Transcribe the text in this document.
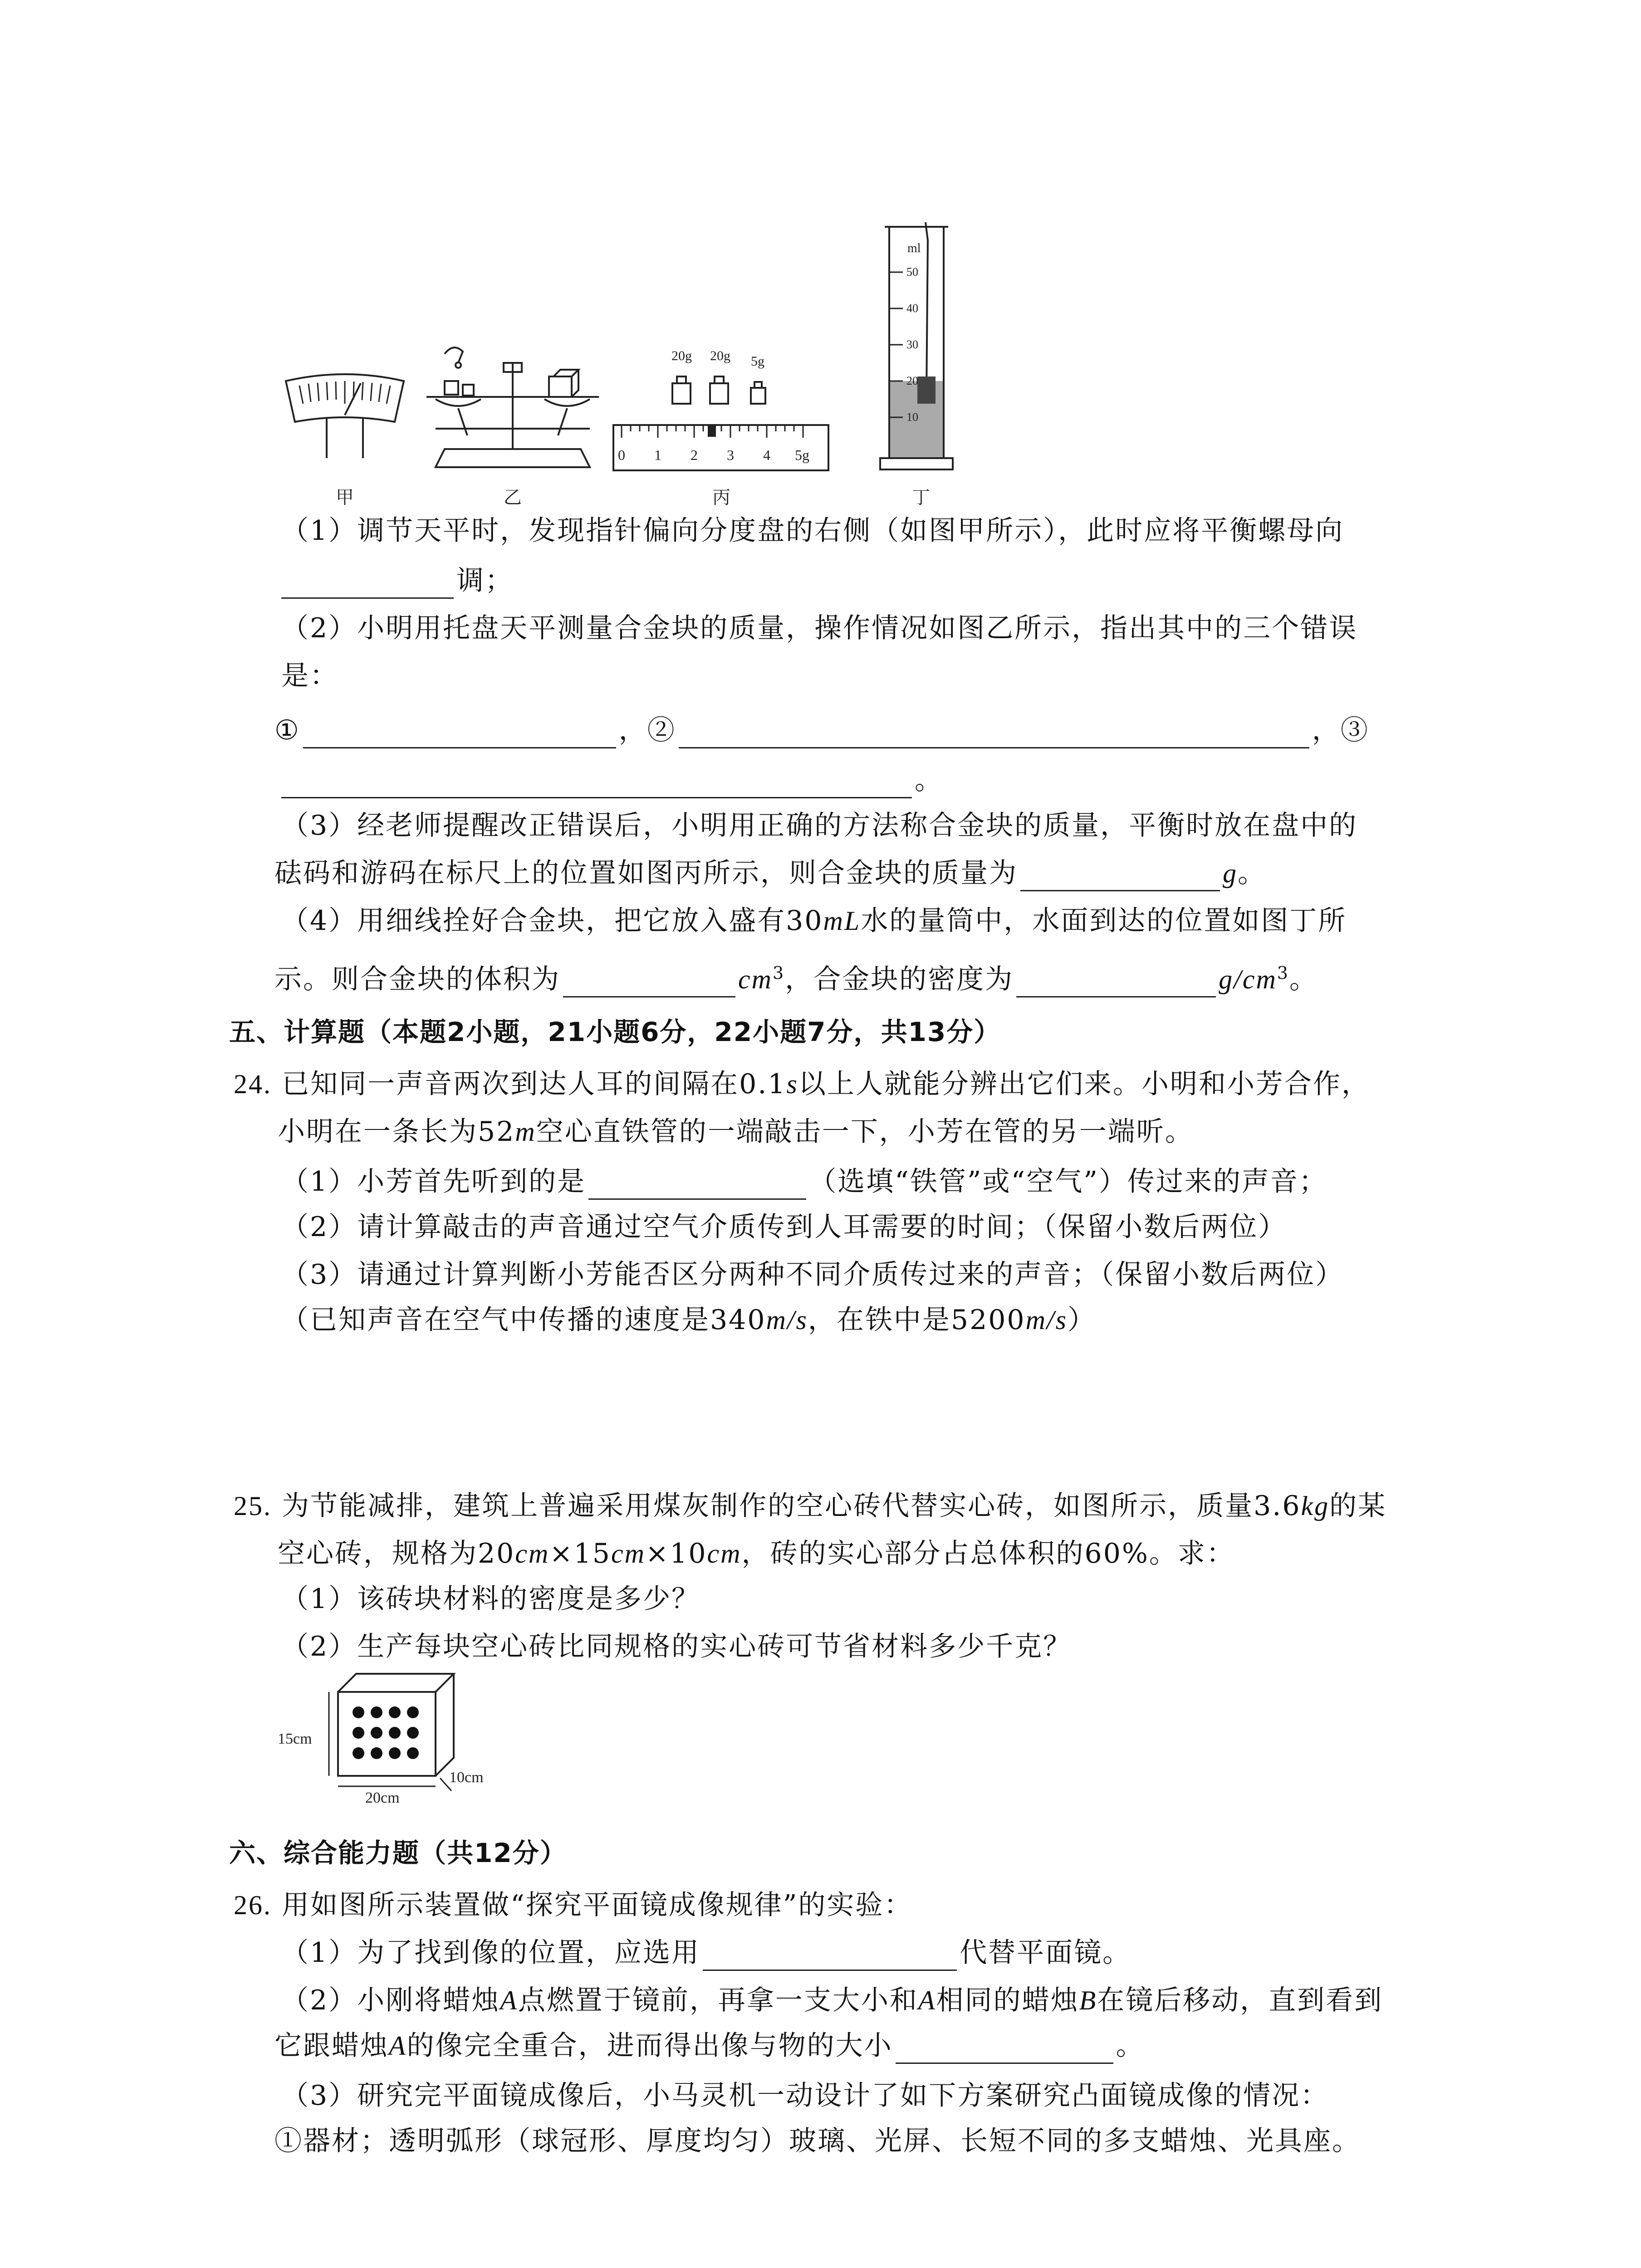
甲	乙
20g 20g 5g
0 1 2 3 4 5g
丙
ml
50
40
30
20
10
丁
（1）调节天平时，发现指针偏向分度盘的右侧（如图甲所示），此时应将平衡螺母向
调；
（2）小明用托盘天平测量合金块的质量，操作情况如图乙所示，指出其中的三个错误
是：
①	，②	，③
。
（3）经老师提醒改正错误后，小明用正确的方法称合金块的质量，平衡时放在盘中的
砝码和游码在标尺上的位置如图丙所示，则合金块的质量为	g。
（4）用细线拴好合金块，把它放入盛有30mL水的量筒中，水面到达的位置如图丁所
示。则合金块的体积为	$cm^3$，合金块的密度为	$g/cm^3$。
五、计算题（本题2小题，21小题6分，22小题7分，共13分）
24. 已知同一声音两次到达人耳的间隔在0.1s以上人就能分辨出它们来。小明和小芳合作，
小明在一条长为52m空心直铁管的一端敲击一下，小芳在管的另一端听。
（1）小芳首先听到的是	（选填“铁管”或“空气”）传过来的声音；
（2）请计算敲击的声音通过空气介质传到人耳需要的时间；（保留小数后两位）
（3）请通过计算判断小芳能否区分两种不同介质传过来的声音；（保留小数后两位）
（已知声音在空气中传播的速度是340m/s，在铁中是5200m/s）
25. 为节能减排，建筑上普遍采用煤灰制作的空心砖代替实心砖，如图所示，质量3.6kg的某
空心砖，规格为20cm×15cm×10cm，砖的实心部分占总体积的60%。求：
（1）该砖块材料的密度是多少？
（2）生产每块空心砖比同规格的实心砖可节省材料多少千克？
15cm
20cm
10cm
六、综合能力题（共12分）
26. 用如图所示装置做“探究平面镜成像规律”的实验：
（1）为了找到像的位置，应选用	代替平面镜。
（2）小刚将蜡烛A点燃置于镜前，再拿一支大小和A相同的蜡烛B在镜后移动，直到看到
它跟蜡烛A的像完全重合，进而得出像与物的大小	。
（3）研究完平面镜成像后，小马灵机一动设计了如下方案研究凸面镜成像的情况：
①器材；透明弧形（球冠形、厚度均匀）玻璃、光屏、长短不同的多支蜡烛、光具座。
